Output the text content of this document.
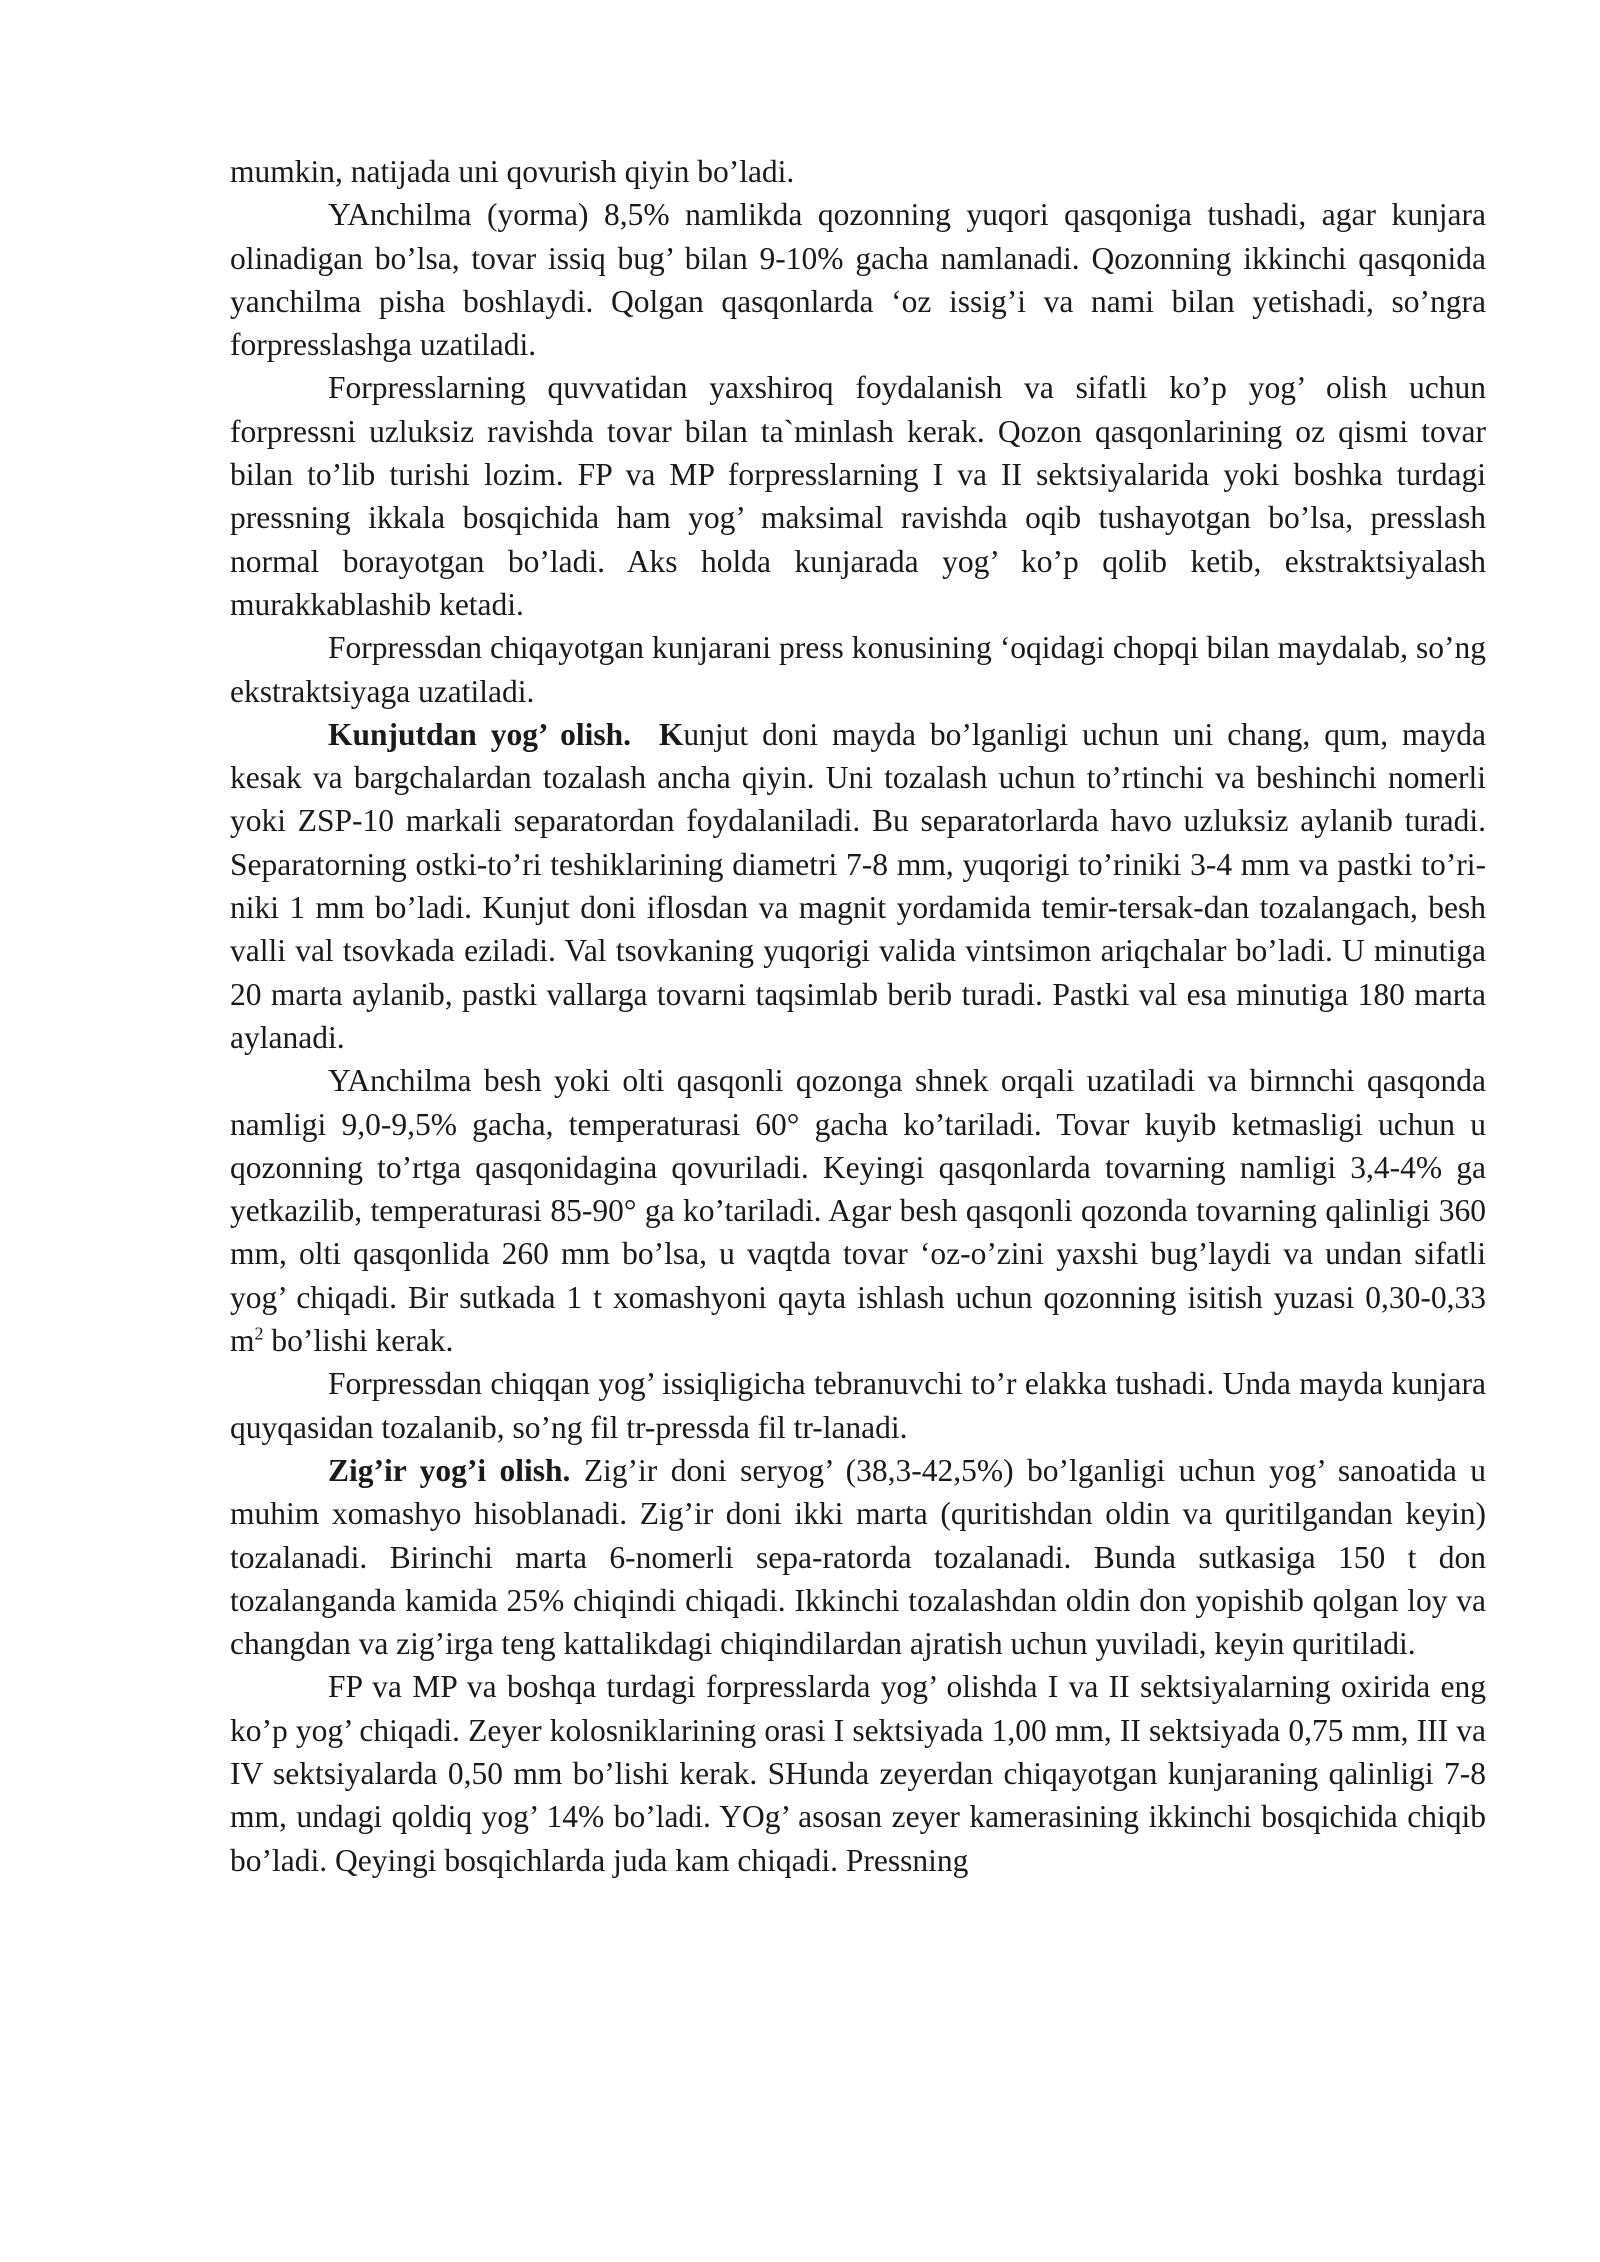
mumkin, natijada uni qovurish qiyin bo’ladi.

YAnchilma (yorma) 8,5% namlikda qozonning yuqori qasqoniga tushadi, agar kunjara olinadigan bo’lsa, tovar issiq bug’ bilan 9-10% gacha namlanadi. Qozonning ikkinchi qasqonida yanchilma pisha boshlaydi. Qolgan qasqonlarda ‘oz issig’i va nami bilan yetishadi, so’ngra forpresslashga uzatiladi.

Forpresslarning quvvatidan yaxshiroq foydalanish va sifatli ko’p yog’ olish uchun forpressni uzluksiz ravishda tovar bilan ta`minlash kerak. Qozon qasqonlarining oz qismi tovar bilan to’lib turishi lozim. FP va MP forpresslarning I va II sektsiyalarida yoki boshka turdagi pressning ikkala bosqichida ham yog’ maksimal ravishda oqib tushayotgan bo’lsa, presslash normal borayotgan bo’ladi. Aks holda kunjarada yog’ ko’p qolib ketib, ekstraktsiyalash murakkablashib ketadi.

Forpressdan chiqayotgan kunjarani press konusining ‘oqidagi chopqi bilan maydalab, so’ng ekstraktsiyaga uzatiladi.

Kunjutdan yog’ olish.  Kunjut doni mayda bo’lganligi uchun uni chang, qum, mayda kesak va bargchalardan tozalash ancha qiyin. Uni tozalash uchun to’rtinchi va beshinchi nomerli yoki ZSP-10 markali separatordan foydalaniladi. Bu separatorlarda havo uzluksiz aylanib turadi. Separatorning ostki-to’ri teshiklarining diametri 7-8 mm, yuqorigi to’riniki 3-4 mm va pastki to’ri-niki 1 mm bo’ladi. Kunjut doni iflosdan va magnit yordamida temir-tersak-dan tozalangach, besh valli val tsovkada eziladi. Val tsovkaning yuqorigi valida vintsimon ariqchalar bo’ladi. U minutiga 20 marta aylanib, pastki vallarga tovarni taqsimlab berib turadi. Pastki val esa minutiga 180 marta aylanadi.

YAnchilma besh yoki olti qasqonli qozonga shnek orqali uzatiladi va birnnchi qasqonda namligi 9,0-9,5% gacha, temperaturasi 60° gacha ko’tariladi. Tovar kuyib ketmasligi uchun u qozonning to’rtga qasqonidagina qovuriladi. Keyingi qasqonlarda tovarning namligi 3,4-4% ga yetkazilib, temperaturasi 85-90° ga ko’tariladi. Agar besh qasqonli qozonda tovarning qalinligi 360 mm, olti qasqonlida 260 mm bo’lsa, u vaqtda tovar ‘oz-o’zini yaxshi bug’laydi va undan sifatli yog’ chiqadi. Bir sutkada 1 t xomashyoni qayta ishlash uchun qozonning isitish yuzasi 0,30-0,33 $m^2$ bo’lishi kerak.

Forpressdan chiqqan yog’ issiqligicha tebranuvchi to’r elakka tushadi. Unda mayda kunjara quyqasidan tozalanib, so’ng fil tr-pressda fil tr-lanadi.

Zig’ir yog’i olish. Zig’ir doni seryog’ (38,3-42,5%) bo’lganligi uchun yog’ sanoatida u muhim xomashyo hisoblanadi. Zig’ir doni ikki marta (quritishdan oldin va quritilgandan keyin) tozalanadi. Birinchi marta 6-nomerli sepa-ratorda tozalanadi. Bunda sutkasiga 150 t don tozalanganda kamida 25% chiqindi chiqadi. Ikkinchi tozalashdan oldin don yopishib qolgan loy va changdan va zig’irga teng kattalikdagi chiqindilardan ajratish uchun yuviladi, keyin quritiladi.

FP va MP va boshqa turdagi forpresslarda yog’ olishda I va II sektsiyalarning oxirida eng ko’p yog’ chiqadi. Zeyer kolosniklarining orasi I sektsiyada 1,00 mm, II sektsiyada 0,75 mm, III va IV sektsiyalarda 0,50 mm bo’lishi kerak. SHunda zeyerdan chiqayotgan kunjaraning qalinligi 7-8 mm, undagi qoldiq yog’ 14% bo’ladi. YOg’ asosan zeyer kamerasining ikkinchi bosqichida chiqib bo’ladi. Qeyingi bosqichlarda juda kam chiqadi. Pressning
